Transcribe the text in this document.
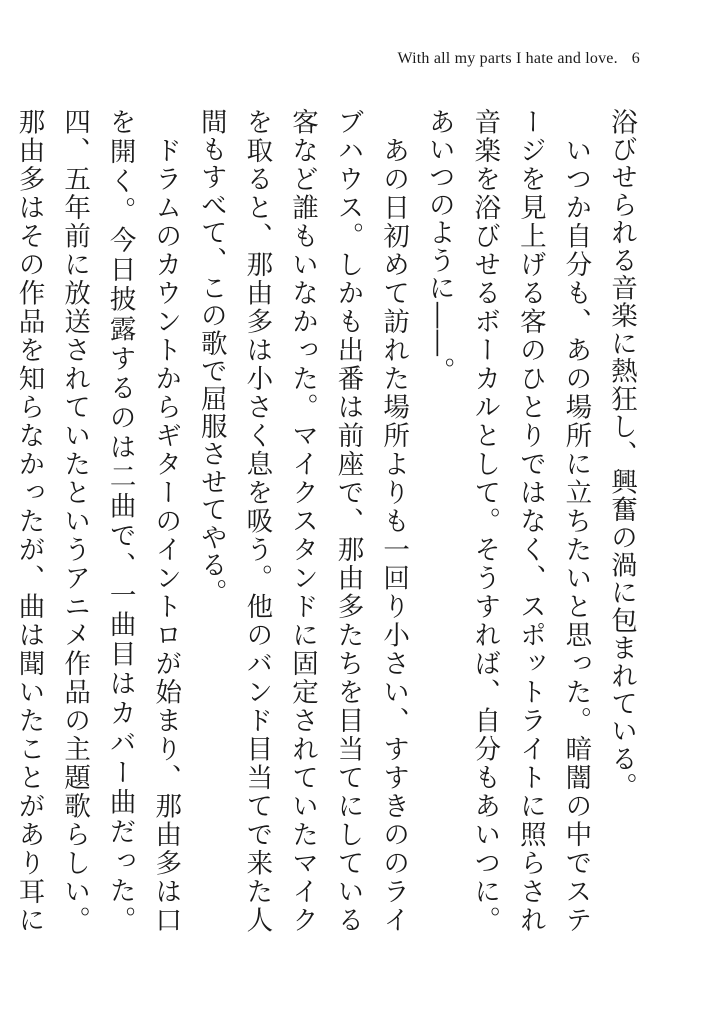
With all my parts I hate and love. 6

浴びせられる音楽に熱狂し、興奮の渦に包まれている。

　いつか自分も、あの場所に立ちたいと思った。暗闇の中でステージを見上げる客のひとりではなく、スポットライトに照らされ音楽を浴びせるボーカルとして。そうすれば、自分もあいつに。あいつのように――。

　あの日初めて訪れた場所よりも一回り小さい、すすきののライブハウス。しかも出番は前座で、那由多たちを目当てにしている客など誰もいなかった。マイクスタンドに固定されていたマイクを取ると、那由多は小さく息を吸う。他のバンド目当てで来た人間もすべて、この歌で屈服させてやる。

　ドラムのカウントからギターのイントロが始まり、那由多は口を開く。今日披露するのは二曲で、一曲目はカバー曲だった。四、五年前に放送されていたというアニメ作品の主題歌らしい。那由多はその作品を知らなかったが、曲は聞いたことがあり耳に
